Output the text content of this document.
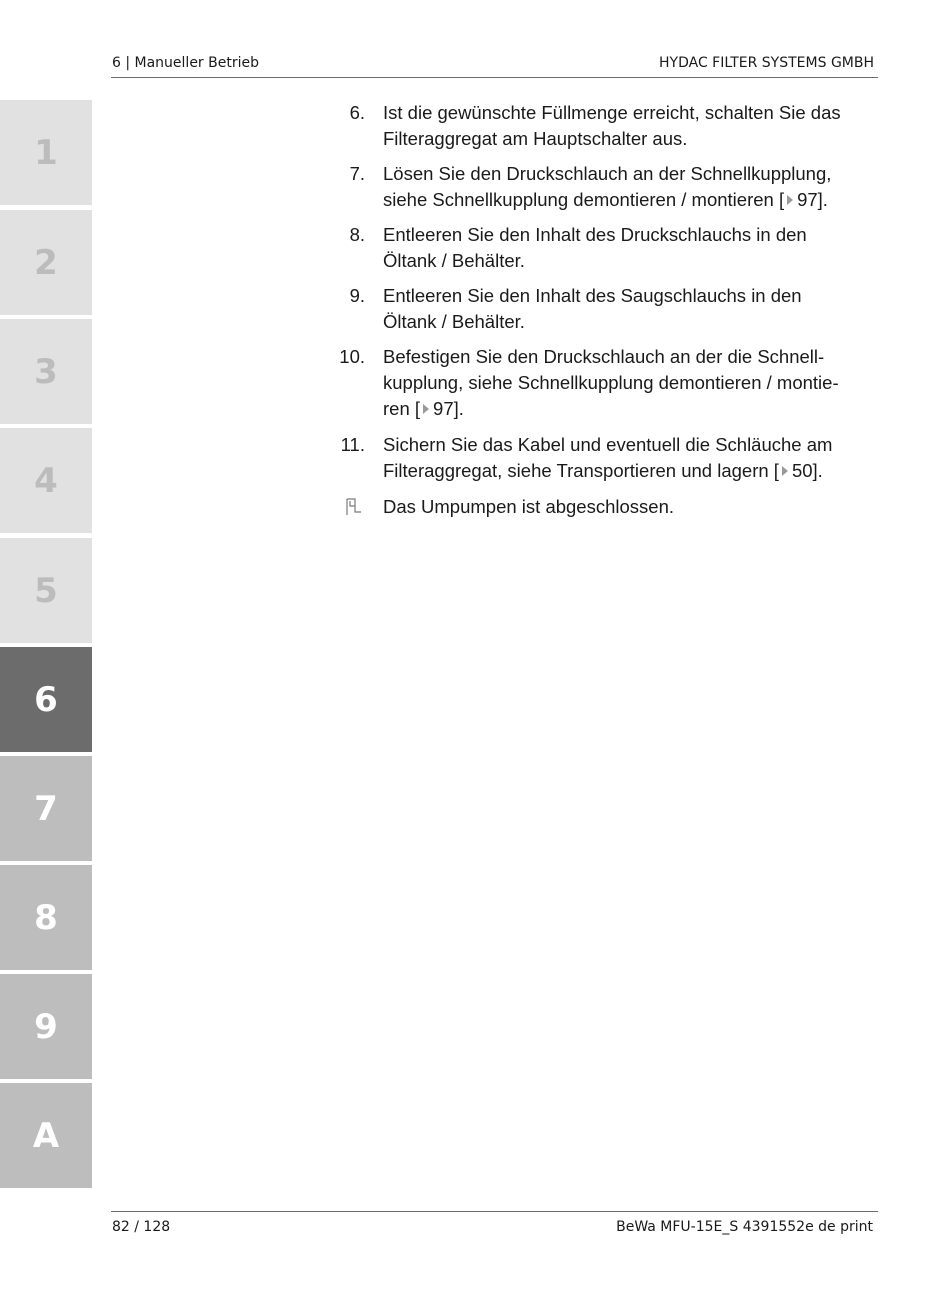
6 | Manueller Betrieb	HYDAC FILTER SYSTEMS GMBH
1
2
3
4
5
6
7
8
9
A
6. Ist die gewünschte Füllmenge erreicht, schalten Sie das
Filteraggregat am Hauptschalter aus.
7. Lösen Sie den Druckschlauch an der Schnellkupplung,
siehe Schnellkupplung demontieren / montieren [ 97].
8. Entleeren Sie den Inhalt des Druckschlauchs in den
Öltank / Behälter.
9. Entleeren Sie den Inhalt des Saugschlauchs in den
Öltank / Behälter.
10. Befestigen Sie den Druckschlauch an der die Schnell-
kupplung, siehe Schnellkupplung demontieren / montie-
ren [ 97].
11. Sichern Sie das Kabel und eventuell die Schläuche am
Filteraggregat, siehe Transportieren und lagern [ 50].
Das Umpumpen ist abgeschlossen.
82 / 128	BeWa MFU-15E_S 4391552e de print
